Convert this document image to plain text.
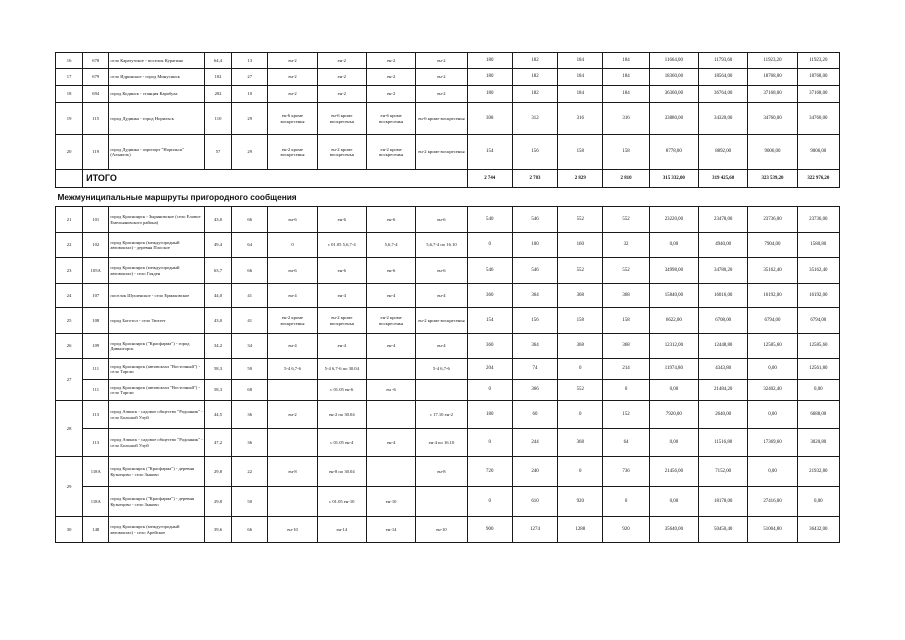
16	678	село Каратузское - поселок Курагино	64,4	13	ен-2	ен-2	ен-2	ен-2	180	182	184	184	11664,00	11793,60	11923,20	11923,20
17	679	село Идринское - город Минусинск	102	27	ен-2	ен-2	ен-2	ен-2	180	182	184	184	18360,00	18564,00	18768,00	18768,00
18	694	город Кодинск - станция Карабула	202	10	ен-2	ен-2	ен-2	ен-2	180	182	184	184	36360,00	36764,00	37168,00	37168,00
19	115	город Дудинка - город Норильск	110	29	ен-6 кроме воскресенья	ен-6 кроме воскресенья	ен-6 кроме воскресенья	ен-6 кроме воскресенья	308	312	316	316	33880,00	34320,00	34760,00	34760,00
20	119	город Дудинка - аэропорт "Норильск" (Алыкель)	57	29	ен-2 кроме воскресенья	ен-2 кроме воскресенья	ен-2 кроме воскресенья	ен-2 кроме воскресенья	154	156	158	158	8778,00	8892,00	9006,00	9006,00
	ИТОГО								2 744	2 783	2 829	2 810	315 332,00	319 425,60	323 539,20	322 976,20
Межмуниципальные маршруты пригородного сообщения																
21	101	город Красноярск - Зыряновское (село Еловое Емельяновского района)	43,0	66	ен-6	ен-6	ен-6	ен-6	540	546	552	552	23220,00	23478,00	23736,00	23736,00
22	102	город Красноярск (междугородный автовокзал) - деревня Плоское	49,4	64	0	с 01.05 5,6,7-4	5,6,7-4	5,6,7-4 по 16.10	0	100	160	32	0,00	4940,00	7904,00	1580,80
23	105А	город Красноярск (междугородный автовокзал) - село Гляден	63,7	66	ен-6	ен-6	ен-6	ен-6	546	546	552	552	34998,00	34780,20	35162,40	35162,40
24	107	поселок Шушенское - село Ермаковское	44,0	41	ен-4	ен-4	ен-4	ен-4	360	364	368	368	15840,00	16016,00	16192,00	16192,00
25	108	город Боготол - село Тюхтет	43,0	41	ен-2 кроме воскресенья	ен-2 кроме воскресенья	ен-2 кроме воскресенья	ен-2 кроме воскресенья	154	156	158	158	6622,00	6708,00	6794,00	6794,00
26	109	город Красноярск ("Красфарма") - город Дивногорск	34,2	34	ен-4	ен-4	ен-4	ен-4	360	364	368	368	12312,00	12448,80	12585,60	12585,60
27	111	город Красноярск (автовокзал "Восточный") - село Таргаи	58,3	50	5-4 6,7-6	5-4 6,7-6 по 30.04		5-4 6,7-6	204	74	0	214	11974,80	4343,80	0,00	12561,80
	111	город Красноярск (автовокзал "Восточный") - село Таргаи	58,3	68		с 01.05 ен-6	ен -6		0	366	552	0	0,00	21484,20	32402,40	0,00
28	113	город Ачинск - садовое общество "Родонник" - село Большой Улуй	44,5	36	ен-2	ен-2 по 30.04		с 17.10 ен-2	180	60	0	152	7920,00	2640,00	0,00	6688,00
	113	город Ачинск - садовое общество "Родонник" - село Большой Улуй	47,2	36		с 01.05 ен-4	ен-4	ен-4 по 16.10	0	244	368	64	0,00	11516,80	17369,60	3020,80
29	118А	город Красноярск ("Красфарма") - деревня Кузнецово - село Зыково	29,8	22	ен-8	ен-8 по 30.04		ен-8	720	240	0	736	21456,00	7152,00	0,00	21932,80
	118А	город Красноярск ("Красфарма") - деревня Кузнецово - село Зыково	29,8	50		с 01.05 ен-10	ен-10		0	610	920	0	0,00	18178,00	27416,00	0,00
30	148	город Красноярск (междугородный автовокзал) - село Арейское	39,6	66	ен-10	ен-14	ен-14	ен-10	900	1274	1288	920	35640,00	50450,40	51004,80	36432,00
